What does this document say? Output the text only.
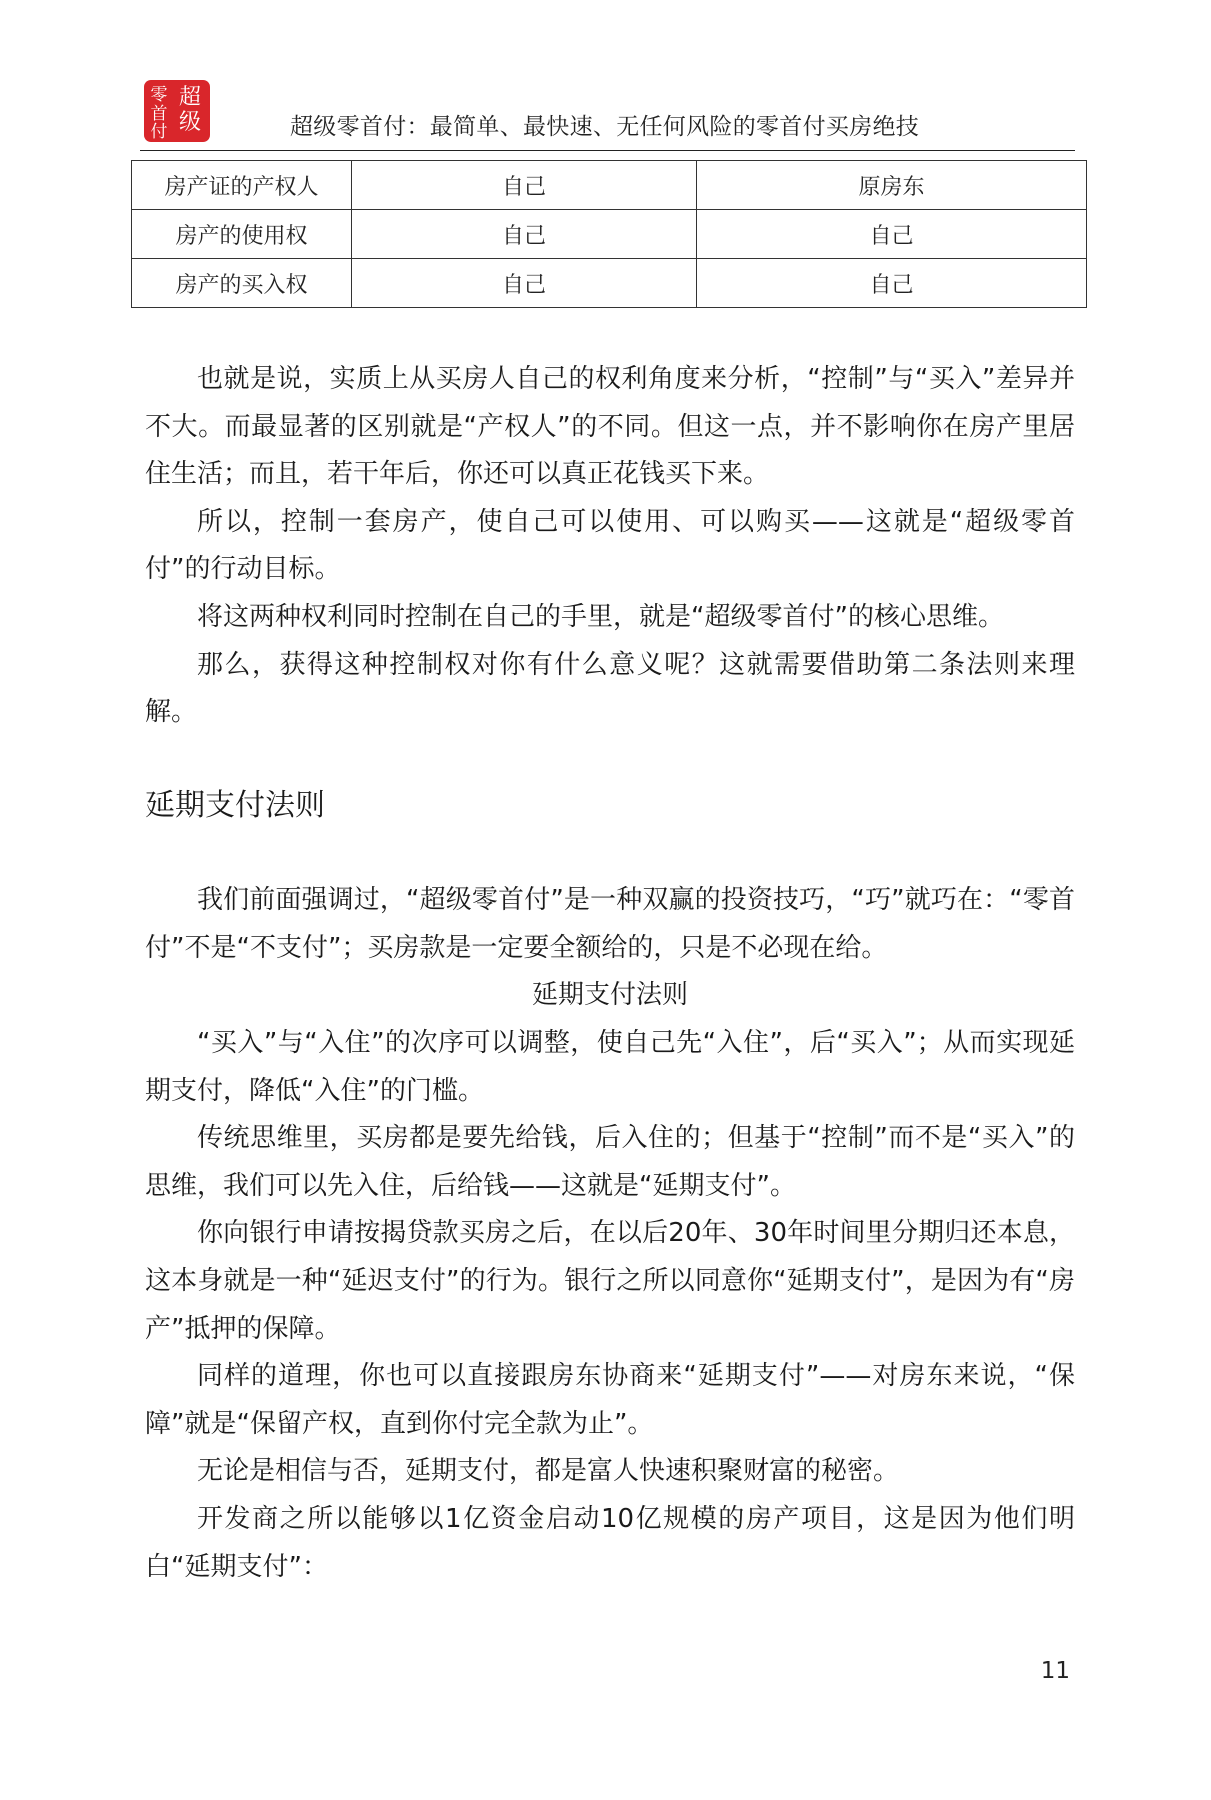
零 超
首 级
付	超级零首付：最简单、最快速、无任何风险的零首付买房绝技
房产证的产权人	自己	原房东
房产的使用权	自己	自己
房产的买入权	自己	自己

也就是说，实质上从买房人自己的权利角度来分析，“控制”与“买入”差异并不大。而最显著的区别就是“产权人”的不同。但这一点，并不影响你在房产里居住生活；而且，若干年后，你还可以真正花钱买下来。

所以，控制一套房产，使自己可以使用、可以购买——这就是“超级零首付”的行动目标。

将这两种权利同时控制在自己的手里，就是“超级零首付”的核心思维。

那么，获得这种控制权对你有什么意义呢？这就需要借助第二条法则来理解。

延期支付法则

我们前面强调过，“超级零首付”是一种双赢的投资技巧，“巧”就巧在：“零首付”不是“不支付”；买房款是一定要全额给的，只是不必现在给。

延期支付法则

“买入”与“入住”的次序可以调整，使自己先“入住”，后“买入”；从而实现延期支付，降低“入住”的门槛。

传统思维里，买房都是要先给钱，后入住的；但基于“控制”而不是“买入”的思维，我们可以先入住，后给钱——这就是“延期支付”。

你向银行申请按揭贷款买房之后，在以后20年、30年时间里分期归还本息，这本身就是一种“延迟支付”的行为。银行之所以同意你“延期支付”，是因为有“房产”抵押的保障。

同样的道理，你也可以直接跟房东协商来“延期支付”——对房东来说，“保障”就是“保留产权，直到你付完全款为止”。

无论是相信与否，延期支付，都是富人快速积聚财富的秘密。

开发商之所以能够以1亿资金启动10亿规模的房产项目，这是因为他们明白“延期支付”：

11
